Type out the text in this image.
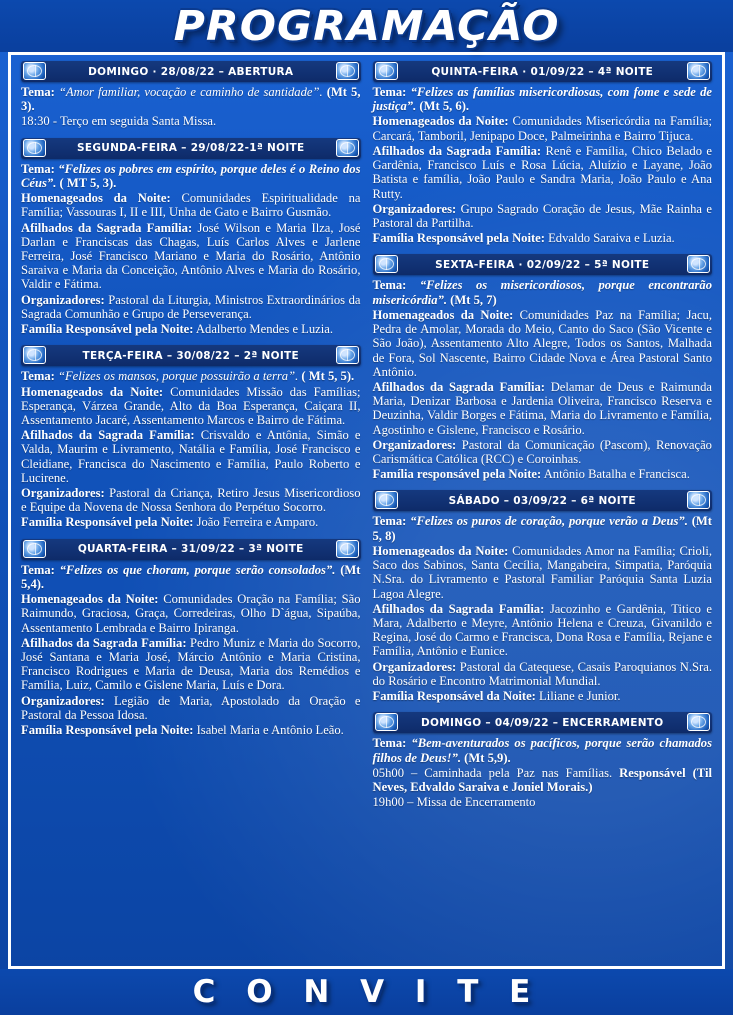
PROGRAMAÇÃO
DOMINGO · 28/08/22 – ABERTURA

Tema: “Amor familiar, vocação e caminho de santidade”. (Mt 5, 3).

18:30 - Terço em seguida Santa Missa.

SEGUNDA-FEIRA – 29/08/22-1ª NOITE

Tema: “Felizes os pobres em espírito, porque deles é o Reino dos Céus”. ( MT 5, 3).

Homenageados da Noite: Comunidades Espiritualidade na Família; Vassouras I, II e III, Unha de Gato e Bairro Gusmão.

Afilhados da Sagrada Família: José Wilson e Maria Ilza, José Darlan e Franciscas das Chagas, Luís Carlos Alves e Jarlene Ferreira, José Francisco Mariano e Maria do Rosário, Antônio Saraiva e Maria da Conceição, Antônio Alves e Maria do Rosário, Valdir e Fátima.

Organizadores: Pastoral da Liturgia, Ministros Extraordinários da Sagrada Comunhão e Grupo de Perseverança.

Família Responsável pela Noite: Adalberto Mendes e Luzia.

TERÇA-FEIRA – 30/08/22 – 2ª NOITE

Tema: “Felizes os mansos, porque possuirão a terra”. ( Mt 5, 5).

Homenageados da Noite: Comunidades Missão das Famílias; Esperança, Várzea Grande, Alto da Boa Esperança, Caiçara II, Assentamento Jacaré, Assentamento Marcos e Bairro de Fátima.

Afilhados da Sagrada Família: Crisvaldo e Antônia, Simão e Valda, Maurim e Livramento, Natália e Família, José Francisco e Cleidiane, Francisca do Nascimento e Família, Paulo Roberto e Lucirene.

Organizadores: Pastoral da Criança, Retiro Jesus Misericordioso e Equipe da Novena de Nossa Senhora do Perpétuo Socorro.

Família Responsável pela Noite: João Ferreira e Amparo.

QUARTA-FEIRA – 31/09/22 – 3ª NOITE

Tema: “Felizes os que choram, porque serão consolados”. (Mt 5,4).

Homenageados da Noite: Comunidades Oração na Família; São Raimundo, Graciosa, Graça, Corredeiras, Olho D`água, Sipaúba, Assentamento Lembrada e Bairro Ipiranga.

Afilhados da Sagrada Família: Pedro Muniz e Maria do Socorro, José Santana e Maria José, Márcio Antônio e Maria Cristina, Francisco Rodrigues e Maria de Deusa, Maria dos Remédios e Família, Luiz, Camilo e Gislene Maria, Luís e Dora.

Organizadores: Legião de Maria, Apostolado da Oração e Pastoral da Pessoa Idosa.

Família Responsável pela Noite: Isabel Maria e Antônio Leão.

QUINTA-FEIRA · 01/09/22 – 4ª NOITE

Tema: “Felizes as famílias misericordiosas, com fome e sede de justiça”. (Mt 5, 6).

Homenageados da Noite: Comunidades Misericórdia na Família; Carcará, Tamboril, Jenipapo Doce, Palmeirinha e Bairro Tijuca.

Afilhados da Sagrada Família: Renê e Família, Chico Belado e Gardênia, Francisco Luís e Rosa Lúcia, Aluízio e Layane, João Batista e família, João Paulo e Sandra Maria, João Paulo e Ana Rutty.

Organizadores: Grupo Sagrado Coração de Jesus, Mãe Rainha e Pastoral da Partilha.

Família Responsável pela Noite: Edvaldo Saraiva e Luzia.

SEXTA-FEIRA · 02/09/22 – 5ª NOITE

Tema: “Felizes os misericordiosos, porque encontrarão misericórdia”. (Mt 5, 7)

Homenageados da Noite: Comunidades Paz na Família; Jacu, Pedra de Amolar, Morada do Meio, Canto do Saco (São Vicente e São João), Assentamento Alto Alegre, Todos os Santos, Malhada de Fora, Sol Nascente, Bairro Cidade Nova e Área Pastoral Santo Antônio.

Afilhados da Sagrada Família: Delamar de Deus e Raimunda Maria, Denizar Barbosa e Jardenia Oliveira, Francisco Reserva e Deuzinha, Valdir Borges e Fátima, Maria do Livramento e Família, Agostinho e Gislene, Francisco e Rosário.

Organizadores: Pastoral da Comunicação (Pascom), Renovação Carismática Católica (RCC) e Coroinhas.

Família responsável pela Noite: Antônio Batalha e Francisca.

SÁBADO – 03/09/22 – 6ª NOITE

Tema: “Felizes os puros de coração, porque verão a Deus”. (Mt 5, 8)

Homenageados da Noite: Comunidades Amor na Família; Crioli, Saco dos Sabinos, Santa Cecília, Mangabeira, Simpatia, Paróquia N.Sra. do Livramento e Pastoral Familiar Paróquia Santa Luzia Lagoa Alegre.

Afilhados da Sagrada Família: Jacozinho e Gardênia, Titico e Mara, Adalberto e Meyre, Antônio Helena e Creuza, Givanildo e Regina, José do Carmo e Francisca, Dona Rosa e Família, Rejane e Família, Antônio e Eunice.

Organizadores: Pastoral da Catequese, Casais Paroquianos N.Sra. do Rosário e Encontro Matrimonial Mundial.

Família Responsável da Noite: Liliane e Junior.

DOMINGO – 04/09/22 – ENCERRAMENTO

Tema: “Bem-aventurados os pacíficos, porque serão chamados filhos de Deus!”. (Mt 5,9).

05h00 – Caminhada pela Paz nas Famílias. Responsável (Til Neves, Edvaldo Saraiva e Joniel Morais.)

19h00 – Missa de Encerramento

C O N V I T E
